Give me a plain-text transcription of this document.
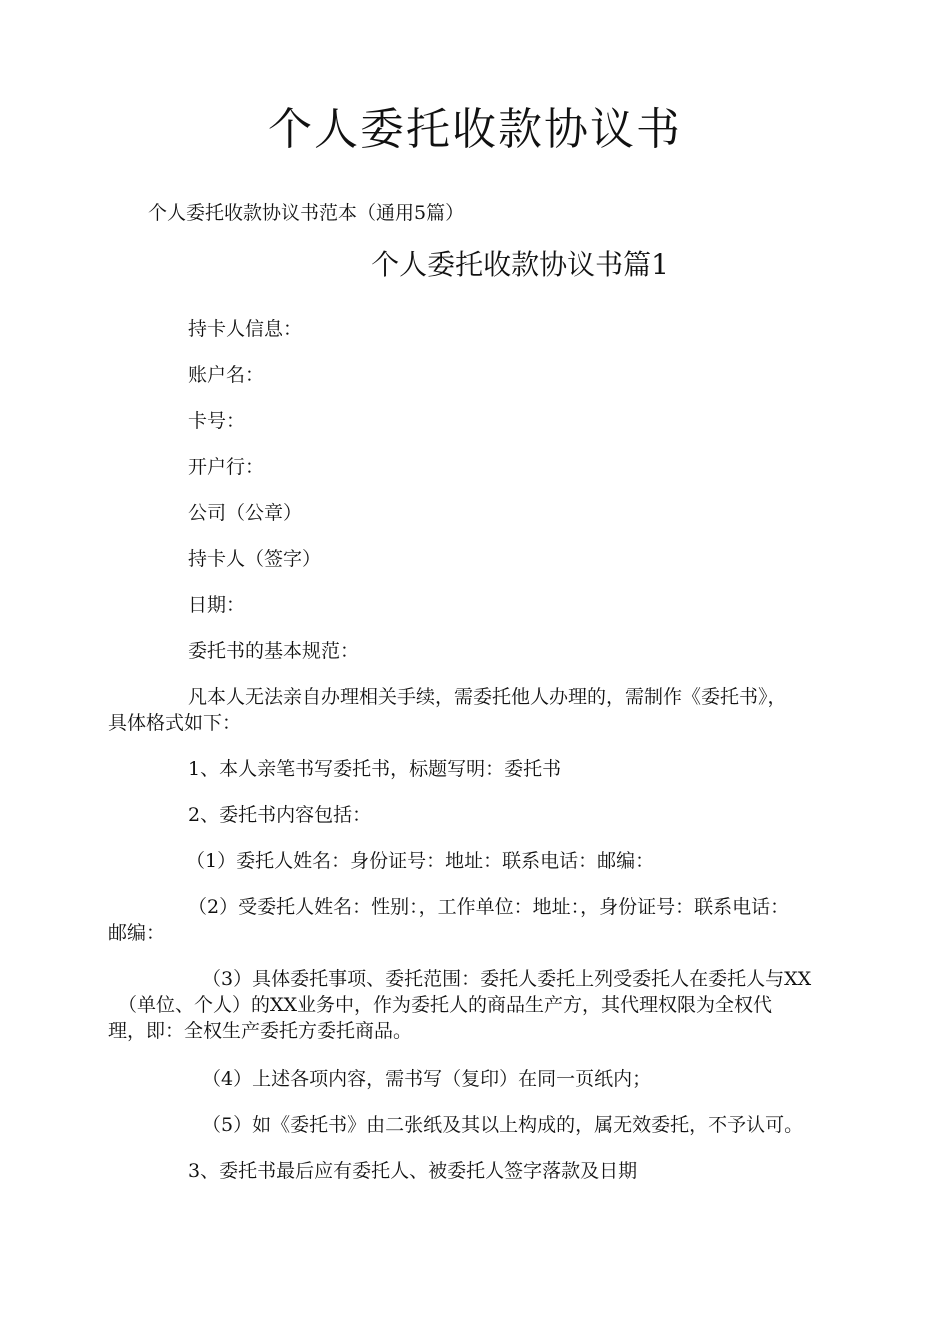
个人委托收款协议书
个人委托收款协议书范本（通用5篇）
个人委托收款协议书篇1
持卡人信息：
账户名：
卡号：
开户行：
公司（公章）
持卡人（签字）
日期：
委托书的基本规范：
凡本人无法亲自办理相关手续，需委托他人办理的，需制作《委托书》，
具体格式如下：
1、本人亲笔书写委托书，标题写明：委托书
2、委托书内容包括：
（1）委托人姓名：身份证号：地址：联系电话：邮编：
（2）受委托人姓名：性别：，工作单位：地址：，身份证号：联系电话：
邮编：
（3）具体委托事项、委托范围：委托人委托上列受委托人在委托人与XX
（单位、个人）的XX业务中，作为委托人的商品生产方，其代理权限为全权代
理，即：全权生产委托方委托商品。
（4）上述各项内容，需书写（复印）在同一页纸内；
（5）如《委托书》由二张纸及其以上构成的，属无效委托，不予认可。
3、委托书最后应有委托人、被委托人签字落款及日期
